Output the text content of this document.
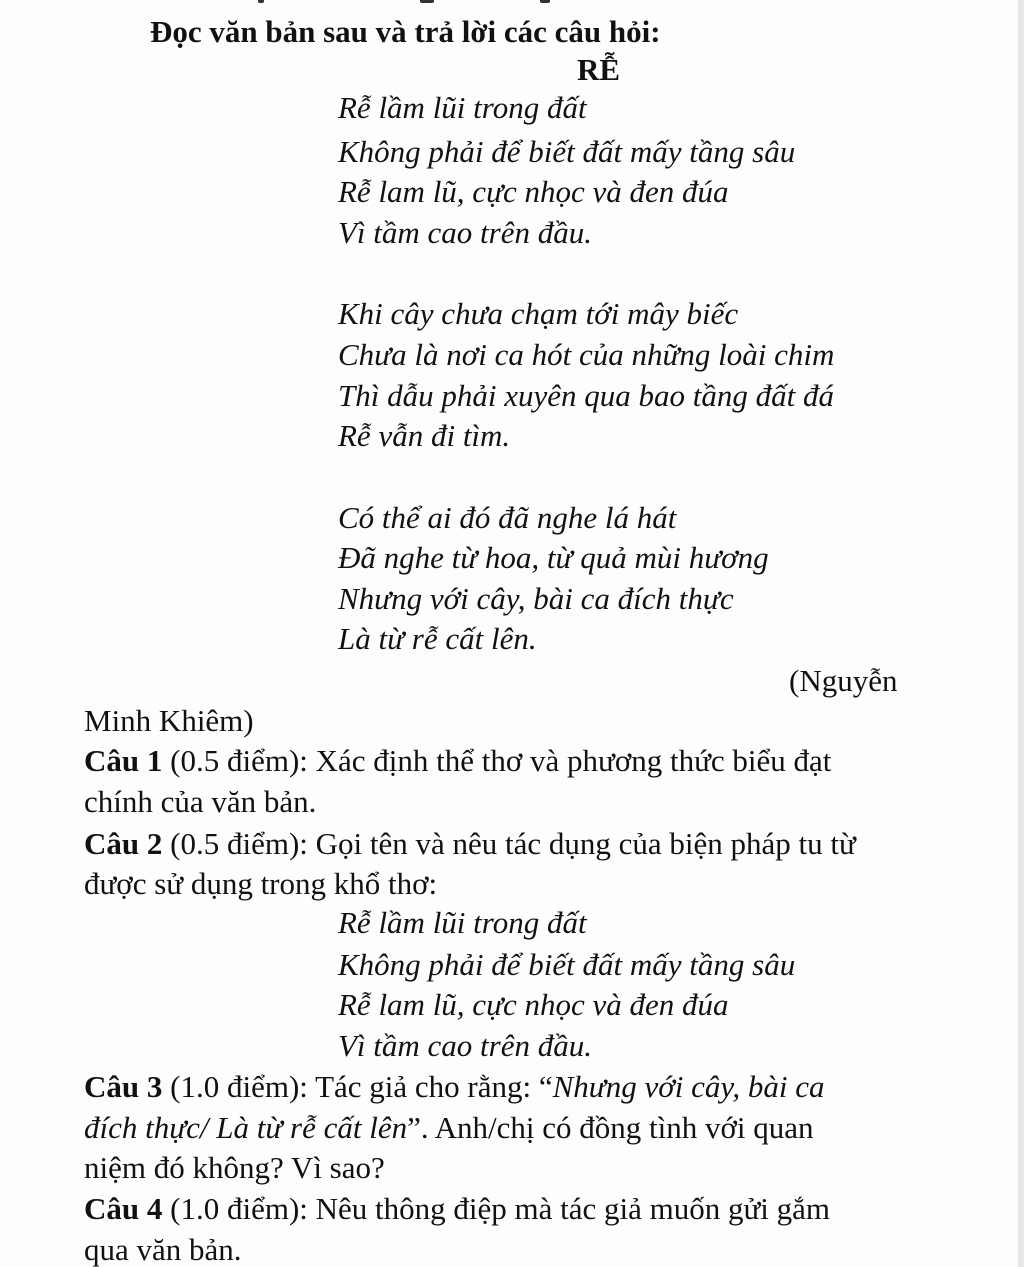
Đọc văn bản sau và trả lời các câu hỏi:
RỄ
Rễ lầm lũi trong đất
Không phải để biết đất mấy tầng sâu
Rễ lam lũ, cực nhọc và đen đúa
Vì tầm cao trên đầu.
Khi cây chưa chạm tới mây biếc
Chưa là nơi ca hót của những loài chim
Thì dẫu phải xuyên qua bao tầng đất đá
Rễ vẫn đi tìm.
Có thể ai đó đã nghe lá hát
Đã nghe từ hoa, từ quả mùi hương
Nhưng với cây, bài ca đích thực
Là từ rễ cất lên.
(Nguyễn
Minh Khiêm)
Câu 1 (0.5 điểm): Xác định thể thơ và phương thức biểu đạt
chính của văn bản.
Câu 2 (0.5 điểm): Gọi tên và nêu tác dụng của biện pháp tu từ
được sử dụng trong khổ thơ:
Rễ lầm lũi trong đất
Không phải để biết đất mấy tầng sâu
Rễ lam lũ, cực nhọc và đen đúa
Vì tầm cao trên đầu.
Câu 3 (1.0 điểm): Tác giả cho rằng: “Nhưng với cây, bài ca
đích thực/ Là từ rễ cất lên”. Anh/chị có đồng tình với quan
niệm đó không? Vì sao?
Câu 4 (1.0 điểm): Nêu thông điệp mà tác giả muốn gửi gắm
qua văn bản.
